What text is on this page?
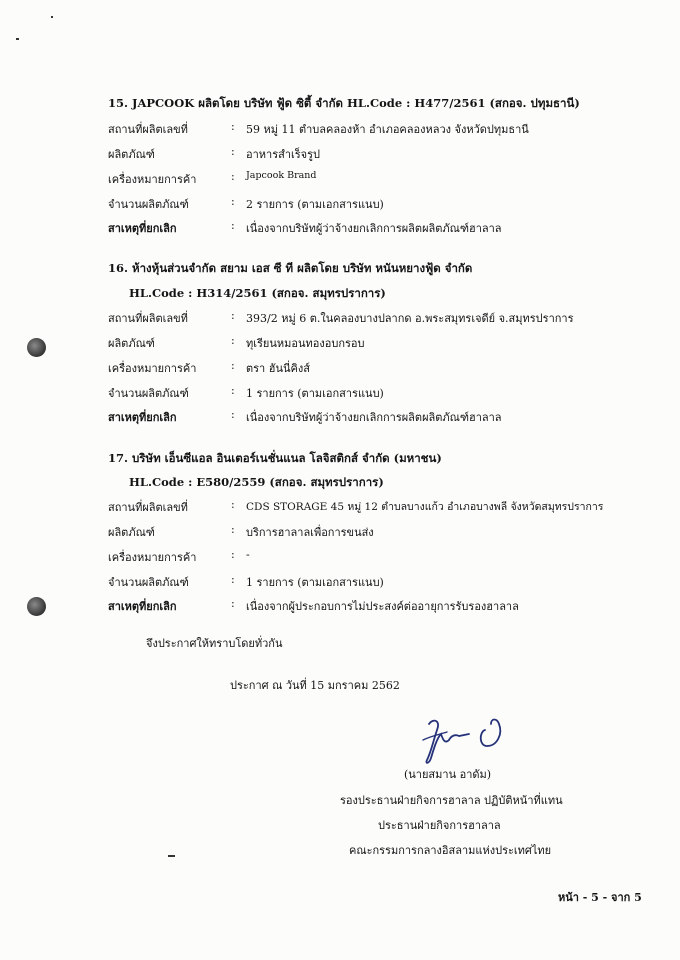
15. JAPCOOK ผลิตโดย บริษัท ฟู้ด ซิตี้ จำกัด HL.Code : H477/2561 (สกอจ. ปทุมธานี)
สถานที่ผลิตเลขที่	: 59 หมู่ 11 ตำบลคลองห้า อำเภอคลองหลวง จังหวัดปทุมธานี
ผลิตภัณฑ์	: อาหารสำเร็จรูป
เครื่องหมายการค้า	: Japcook Brand
จำนวนผลิตภัณฑ์	: 2 รายการ (ตามเอกสารแนบ)
สาเหตุที่ยกเลิก	: เนื่องจากบริษัทผู้ว่าจ้างยกเลิกการผลิตผลิตภัณฑ์ฮาลาล
16. ห้างหุ้นส่วนจำกัด สยาม เอส ซี ที ผลิตโดย บริษัท หนันหยางฟู้ด จำกัด
HL.Code : H314/2561 (สกอจ. สมุทรปราการ)
สถานที่ผลิตเลขที่	: 393/2 หมู่ 6 ต.ในคลองบางปลากด อ.พระสมุทรเจดีย์ จ.สมุทรปราการ
ผลิตภัณฑ์	: ทุเรียนหมอนทองอบกรอบ
เครื่องหมายการค้า	: ตรา ฮันนี่คิงส์
จำนวนผลิตภัณฑ์	: 1 รายการ (ตามเอกสารแนบ)
สาเหตุที่ยกเลิก	: เนื่องจากบริษัทผู้ว่าจ้างยกเลิกการผลิตผลิตภัณฑ์ฮาลาล
17. บริษัท เอ็นซีแอล อินเตอร์เนชั่นแนล โลจิสติกส์ จำกัด (มหาชน)
HL.Code : E580/2559 (สกอจ. สมุทรปราการ)
สถานที่ผลิตเลขที่	: CDS STORAGE 45 หมู่ 12 ตำบลบางแก้ว อำเภอบางพลี จังหวัดสมุทรปราการ
ผลิตภัณฑ์	: บริการฮาลาลเพื่อการขนส่ง
เครื่องหมายการค้า	: -
จำนวนผลิตภัณฑ์	: 1 รายการ (ตามเอกสารแนบ)
สาเหตุที่ยกเลิก	: เนื่องจากผู้ประกอบการไม่ประสงค์ต่ออายุการรับรองฮาลาล
จึงประกาศให้ทราบโดยทั่วกัน
ประกาศ ณ วันที่ 15 มกราคม 2562
(นายสมาน อาดัม)
รองประธานฝ่ายกิจการฮาลาล ปฏิบัติหน้าที่แทน
ประธานฝ่ายกิจการฮาลาล
คณะกรรมการกลางอิสลามแห่งประเทศไทย
หน้า - 5 - จาก 5
